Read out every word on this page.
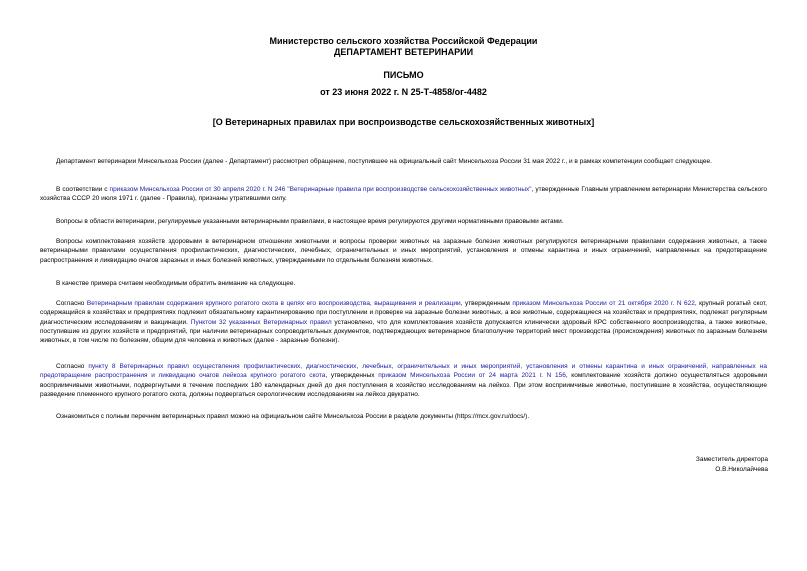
Министерство сельского хозяйства Российской Федерации
ДЕПАРТАМЕНТ ВЕТЕРИНАРИИ
ПИСЬМО
от 23 июня 2022 г. N 25-Т-4858/ог-4482
[О Ветеринарных правилах при воспроизводстве сельскохозяйственных животных]
Департамент ветеринарии Минсельхоза России (далее - Департамент) рассмотрел обращение, поступившее на официальный сайт Минсельхоза России 31 мая 2022 г., и в рамках компетенции сообщает следующее.
В соответствии с приказом Минсельхоза России от 30 апреля 2020 г. N 246 "Ветеринарные правила при воспроизводстве сельскохозяйственных животных", утвержденные Главным управлением ветеринарии Министерства сельского хозяйства СССР 20 июля 1971 г. (далее - Правила), признаны утратившими силу.
Вопросы в области ветеринарии, регулируемые указанными ветеринарными правилами, в настоящее время регулируются другими нормативными правовыми актами.
Вопросы комплектования хозяйств здоровыми в ветеринарном отношении животными и вопросы проверки животных на заразные болезни животных регулируются ветеринарными правилами содержания животных, а также ветеринарными правилами осуществления профилактических, диагностических, лечебных, ограничительных и иных мероприятий, установления и отмены карантина и иных ограничений, направленных на предотвращение распространения и ликвидацию очагов заразных и иных болезней животных, утверждаемыми по отдельным болезням животных.
В качестве примера считаем необходимым обратить внимание на следующее.
Согласно Ветеринарным правилам содержания крупного рогатого скота в целях его воспроизводства, выращивания и реализации, утвержденным приказом Минсельхоза России от 21 октября 2020 г. N 622, крупный рогатый скот, содержащийся в хозяйствах и предприятиях подлежит обязательному карантинированию при поступлении и проверке на заразные болезни животных, а все животные, содержащиеся на хозяйствах и предприятиях, подлежат регулярным диагностическим исследованиям и вакцинации. Пунктом 32 указанных Ветеринарных правил установлено, что для комплектования хозяйств допускается клинически здоровый КРС собственного воспроизводства, а также животные, поступившие из других хозяйств и предприятий, при наличии ветеринарных сопроводительных документов, подтверждающих ветеринарное благополучие территорий мест производства (происхождения) животных по заразным болезням животных, в том числе по болезням, общим для человека и животных (далее - заразные болезни).
Согласно пункту 8 Ветеринарных правил осуществления профилактических, диагностических, лечебных, ограничительных и иных мероприятий, установления и отмены карантина и иных ограничений, направленных на предотвращение распространения и ликвидацию очагов лейкоза крупного рогатого скота, утвержденных приказом Минсельхоза России от 24 марта 2021 г. N 156, комплектование хозяйств должно осуществляться здоровыми восприимчивыми животными, подвергнутыми в течение последних 180 календарных дней до дня поступления в хозяйство исследованиям на лейкоз. При этом восприимчивые животные, поступившие в хозяйства, осуществляющие разведение племенного крупного рогатого скота, должны подвергаться серологическим исследованиям на лейкоз двукратно.
Ознакомиться с полным перечнем ветеринарных правил можно на официальном сайте Минсельхоза России в разделе документы (https://mcx.gov.ru/docs/).
Заместитель директора
О.В.Николайчева
